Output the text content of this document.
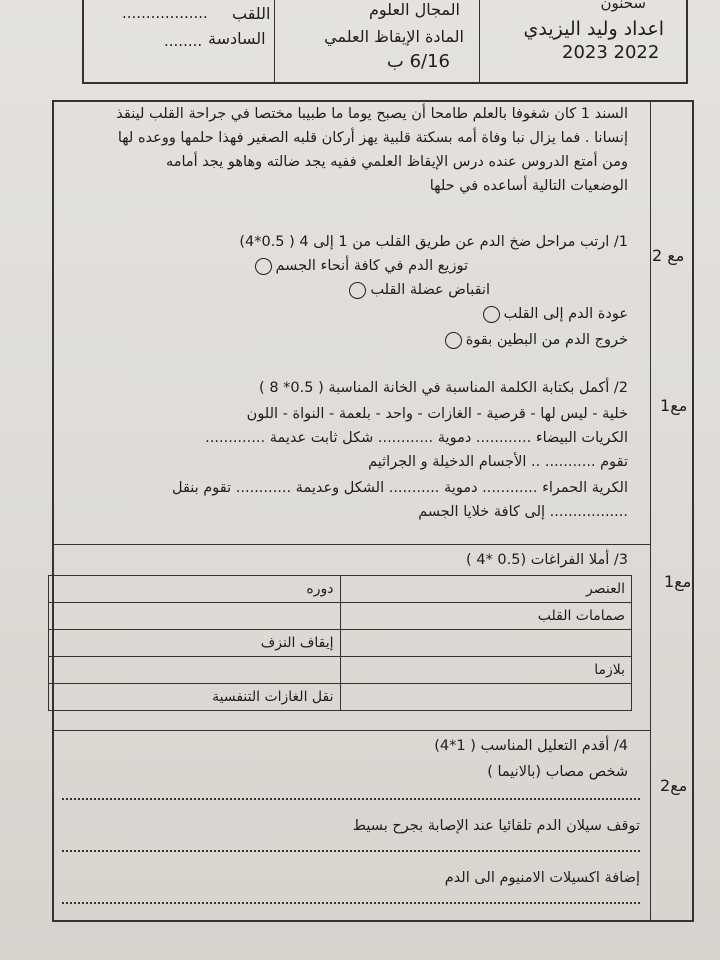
سحنون
اعداد وليد اليزيدي
2023 2022
المجال العلوم
المادة الإيقاظ العلمي
6/16 ب
.................. اللقب
........ السادسة
السند 1 كان شغوفا بالعلم طامحا أن يصبح يوما ما طبيبا مختصا في جراحة القلب لينقذ
إنسانا . فما يزال نبا وفاة أمه بسكتة قلبية يهز أركان قلبه الصغير فهذا حلمها ووعده لها
ومن أمتع الدروس عنده درس الإيقاظ العلمي ففيه يجد ضالته وهاهو يجد أمامه
الوضعيات التالية أساعده في حلها
مع 2
1/ ارتب مراحل ضخ الدم عن طريق القلب من 1 إلى 4 ( 0.5*4)
توزيع الدم في كافة أنحاء الجسم
انقباض عضلة القلب
عودة الدم إلى القلب
خروج الدم من البطين بقوة
مع1
2/ أكمل بكتابة الكلمة المناسبة في الخانة المناسبة ( 0.5* 8 )
خلية - ليس لها - قرصية - الغازات - واحد - بلعمة - النواة - اللون
الكريات البيضاء ............ دموية ............ شكل ثابت عديمة .............
تقوم ........... .. الأجسام الدخيلة و الجراثيم
الكرية الحمراء ............ دموية ........... الشكل وعديمة ............ تقوم بنقل
................. إلى كافة خلايا الجسم
مع1
3/ أملا الفراغات (0.5 *4 )
العنصر	دوره
صمامات القلب	
	إيقاف النزف
بلازما	
	نقل الغازات التنفسية
مع2
4/ أقدم التعليل المناسب ( 1*4)
شخص مصاب (بالانيما )
توقف سيلان الدم تلقائيا عند الإصابة بجرح بسيط
إضافة اكسيلات الامنيوم الى الدم
